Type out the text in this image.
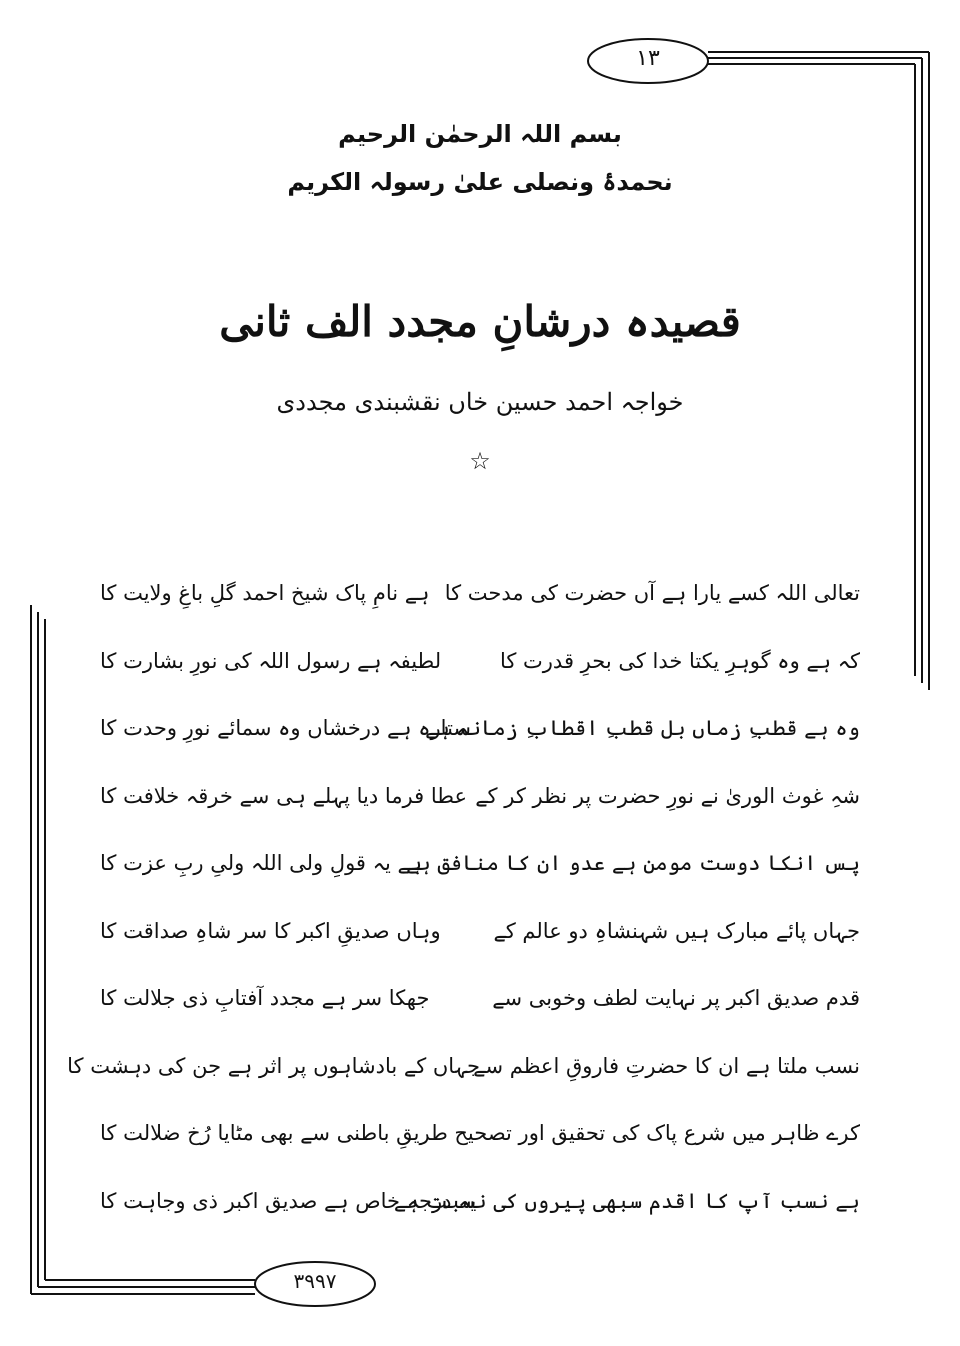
۱۳
۳۹۹۷
بسم اللہ الرحمٰن الرحیم
نحمدۂ ونصلی علیٰ رسولہ الکریم
قصیدہ درشانِ مجدد الف ثانی
خواجہ احمد حسین خاں نقشبندی مجددی
☆
تعالی اللہ کسے یارا ہے آں حضرت کی مدحت کا
ہے نامِ پاک شیخ احمد گلِ باغِ ولایت کا
کہ ہے وہ گوہرِ یکتا خدا کی بحرِ قدرت کا
لطیفہ ہے رسول اللہ کی نورِ بشارت کا
وہ ہے قطبِ زماں بل قطبِ اقطابِ زمانہ ہے
ستارہ ہے درخشاں وہ سمائے نورِ وحدت کا
شہِ غوث الوریٰ نے نورِ حضرت پر نظر کر کے
عطا فرما دیا پہلے ہی سے خرقہ خلافت کا
پس انکا دوست مومن ہے عدو ان کا منافق ہے
ہے یہ قولِ ولی اللہ ولیِ ربِ عزت کا
جہاں پائے مبارک ہیں شہنشاہِ دو عالم کے
وہاں صدیقِ اکبر کا سر شاہِ صداقت کا
قدم صدیق اکبر پر نہایت لطف وخوبی سے
جھکا سر ہے مجدد آفتابِ ذی جلالت کا
نسب ملتا ہے ان کا حضرتِ فاروقِ اعظم سے
جہاں کے بادشاہوں پر اثر ہے جن کی دہشت کا
کرے ظاہر میں شرع پاک کی تحقیق اور تصحیح
طریقِ باطنی سے بھی مٹایا رُخ ضلالت کا
ہے نسب آپ کا اقدم سبھی پیروں کی نسبت ہے
یہ درجہ خاص ہے صدیق اکبر ذی وجاہت کا
